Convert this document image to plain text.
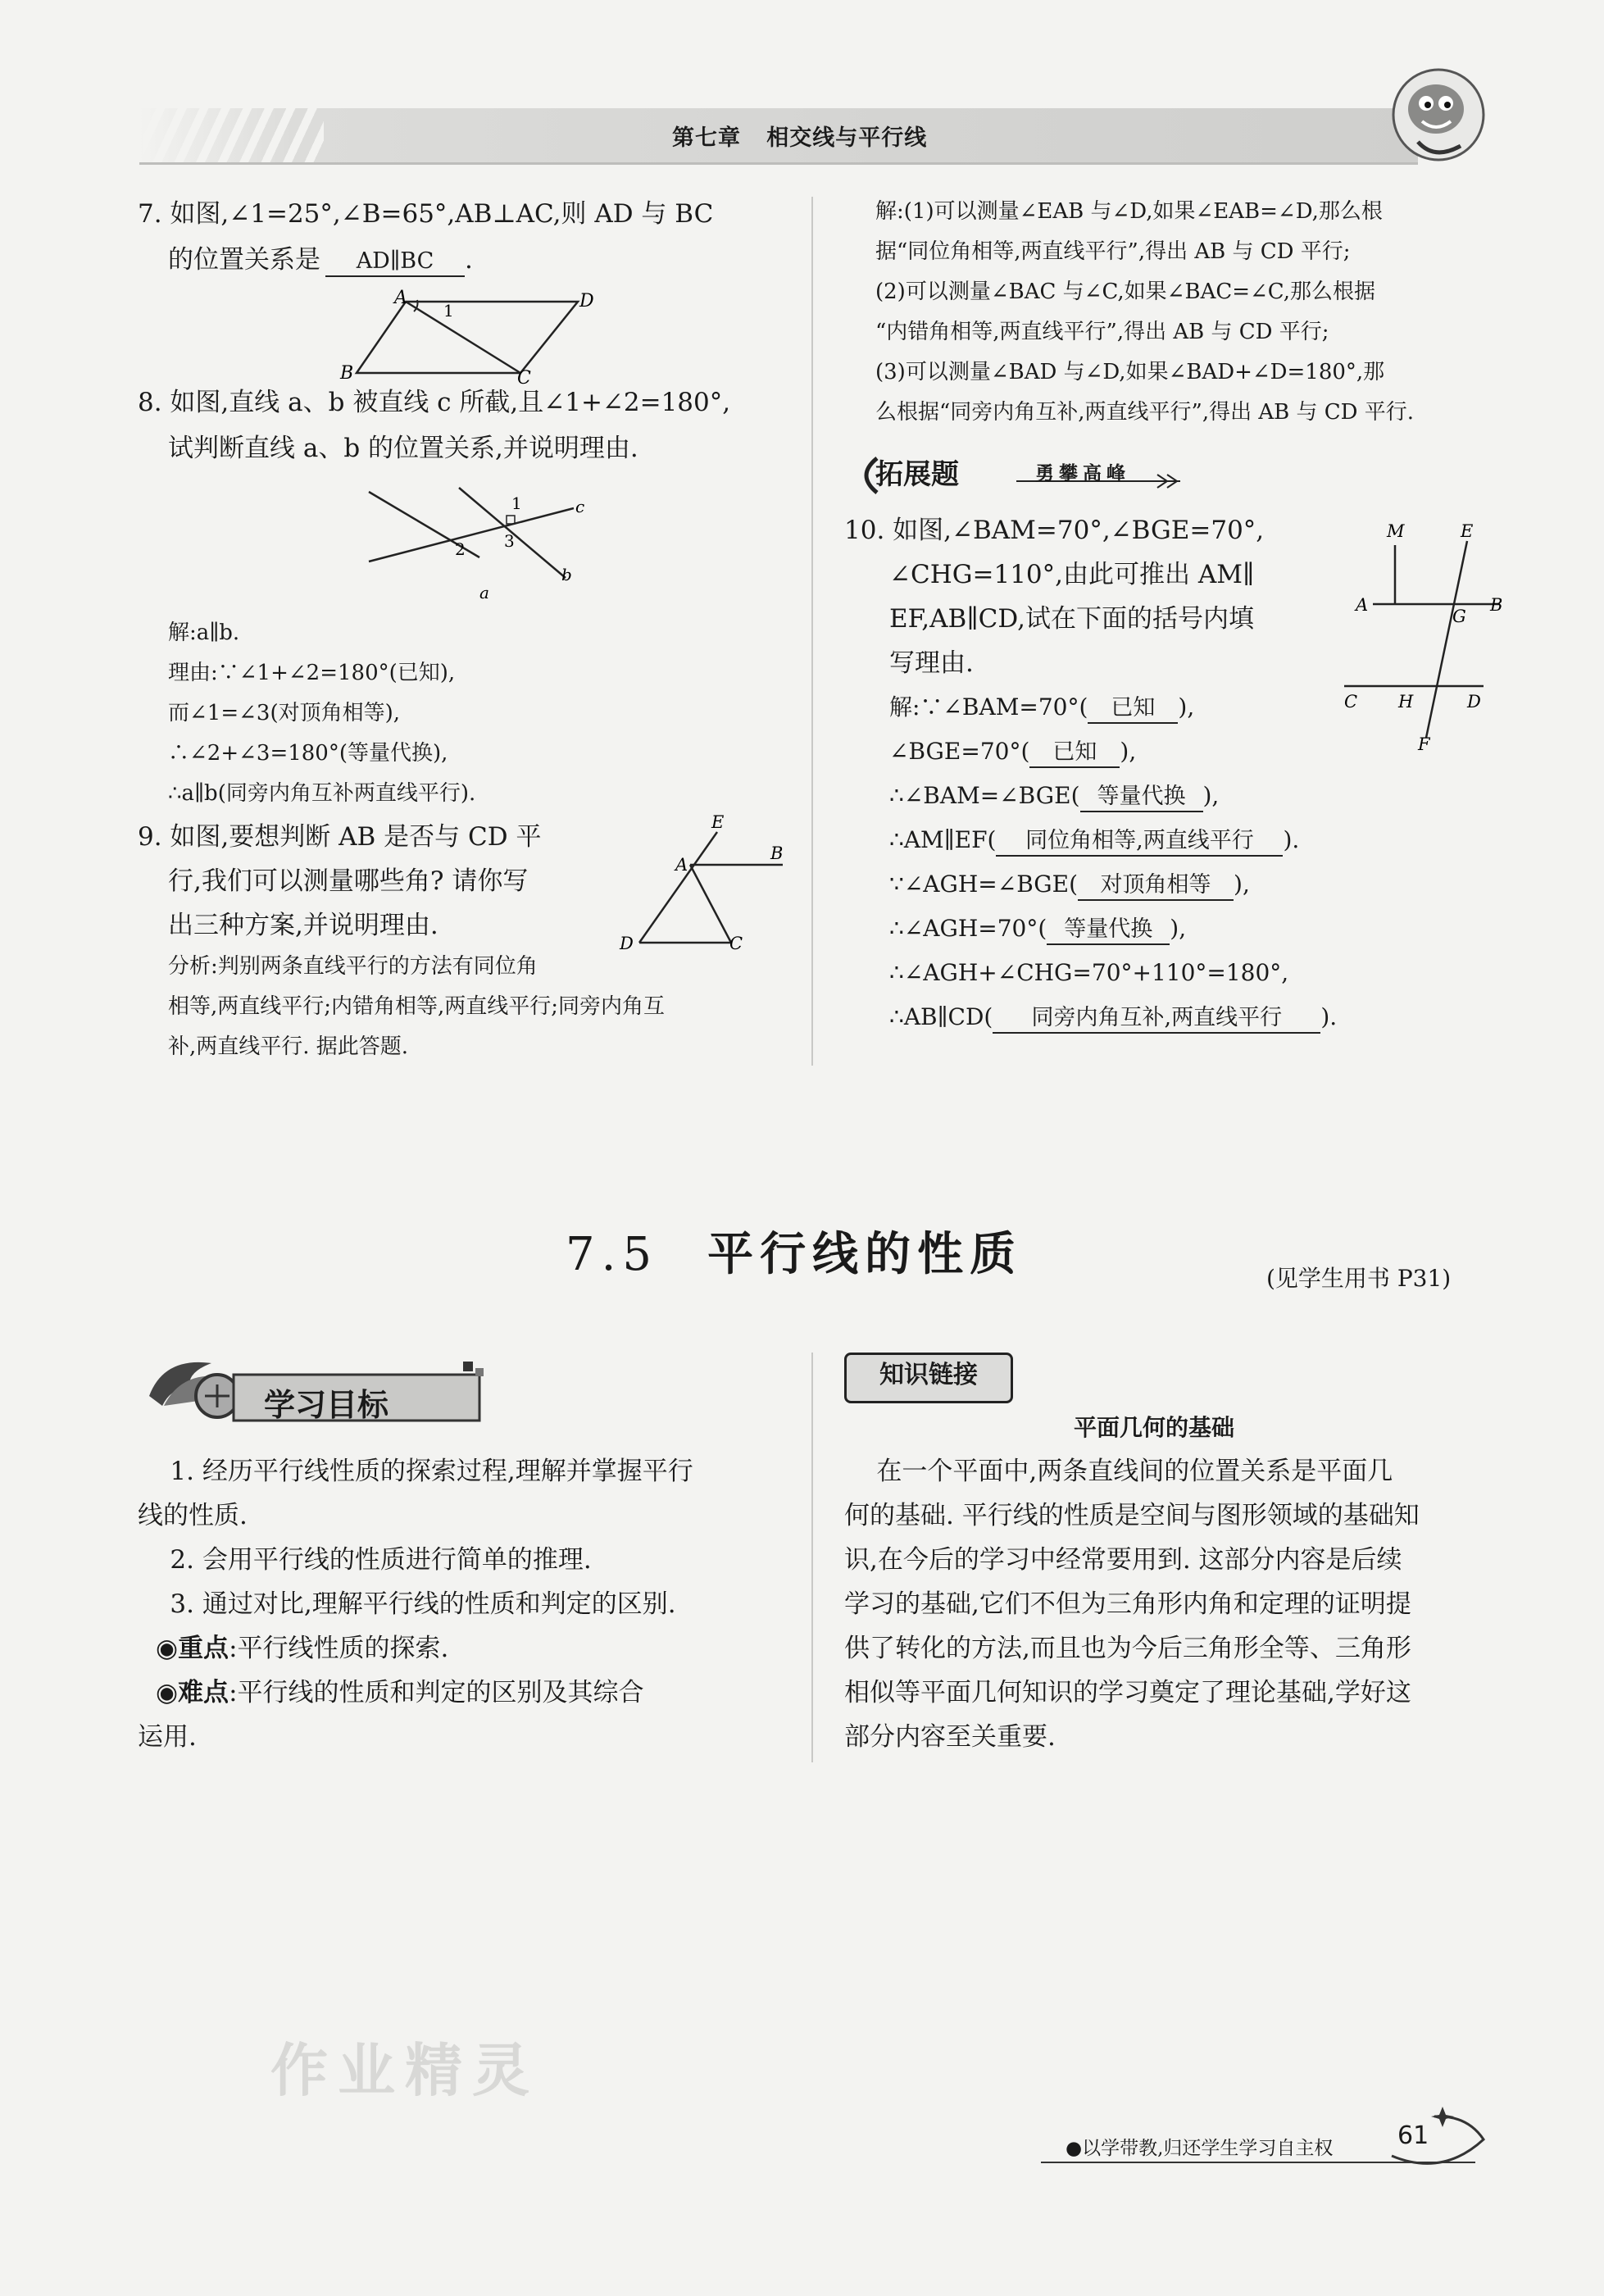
第七章 相交线与平行线
7. 如图,∠1=25°,∠B=65°,AB⊥AC,则 AD 与 BC
的位置关系是 AD∥BC .
A	D
B	C
1
8. 如图,直线 a、b 被直线 c 所截,且∠1+∠2=180°,
试判断直线 a、b 的位置关系,并说明理由.
c
a
b
1
2 3
解:a∥b.
理由:∵∠1+∠2=180°(已知),
而∠1=∠3(对顶角相等),
∴∠2+∠3=180°(等量代换),
∴a∥b(同旁内角互补两直线平行).
9. 如图,要想判断 AB 是否与 CD 平
行,我们可以测量哪些角? 请你写
出三种方案,并说明理由.
E
A
B
D	C
分析:判别两条直线平行的方法有同位角
相等,两直线平行;内错角相等,两直线平行;同旁内角互
补,两直线平行. 据此答题.
解:(1)可以测量∠EAB 与∠D,如果∠EAB=∠D,那么根
据“同位角相等,两直线平行”,得出 AB 与 CD 平行;
(2)可以测量∠BAC 与∠C,如果∠BAC=∠C,那么根据
“内错角相等,两直线平行”,得出 AB 与 CD 平行;
(3)可以测量∠BAD 与∠D,如果∠BAD+∠D=180°,那
么根据“同旁内角互补,两直线平行”,得出 AB 与 CD 平行.
拓展题	勇攀高峰
10. 如图,∠BAM=70°,∠BGE=70°,
∠CHG=110°,由此可推出 AM∥
EF,AB∥CD,试在下面的括号内填
写理由.
M	E
A	B
G
C H	D
F
解:∵∠BAM=70°( 已知 ),
∠BGE=70°( 已知 ),
∴∠BAM=∠BGE( 等量代换 ),
∴AM∥EF( 同位角相等,两直线平行 ).
∵∠AGH=∠BGE( 对顶角相等 ),
∴∠AGH=70°( 等量代换 ),
∴∠AGH+∠CHG=70°+110°=180°,
∴AB∥CD( 同旁内角互补,两直线平行 ).
7.5 平行线的性质	(见学生用书 P31)
学习目标
1. 经历平行线性质的探索过程,理解并掌握平行
线的性质.
2. 会用平行线的性质进行简单的推理.
3. 通过对比,理解平行线的性质和判定的区别.
◉重点:平行线性质的探索.
◉难点:平行线的性质和判定的区别及其综合
运用.
知识链接
平面几何的基础
在一个平面中,两条直线间的位置关系是平面几
何的基础. 平行线的性质是空间与图形领域的基础知
识,在今后的学习中经常要用到. 这部分内容是后续
学习的基础,它们不但为三角形内角和定理的证明提
供了转化的方法,而且也为今后三角形全等、三角形
相似等平面几何知识的学习奠定了理论基础,学好这
部分内容至关重要.
作业精灵
●以学带教,归还学生学习自主权	61
